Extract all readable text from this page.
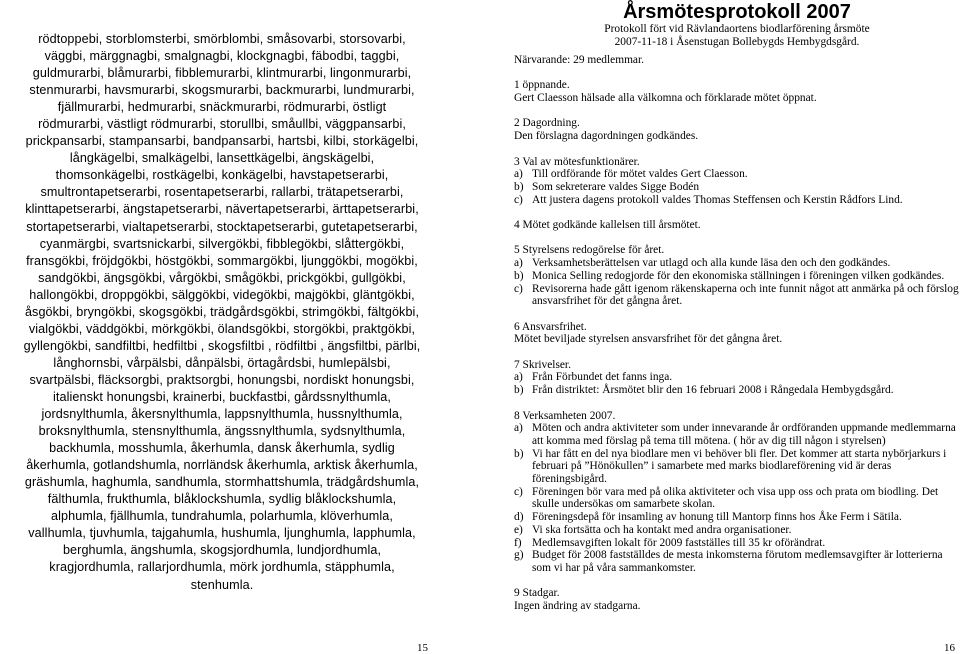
rödtoppebi, storblomsterbi, smörblombi, småsovarbi, storsovarbi,
väggbi, märggnagbi, smalgnagbi, klockgnagbi, fäbodbi, taggbi,
guldmurarbi, blåmurarbi, fibblemurarbi, klintmurarbi, lingonmurarbi,
stenmurarbi, havsmurarbi, skogsmurarbi, backmurarbi, lundmurarbi,
fjällmurarbi, hedmurarbi, snäckmurarbi, rödmurarbi, östligt
rödmurarbi, västligt rödmurarbi, storullbi, småullbi, väggpansarbi,
prickpansarbi, stampansarbi, bandpansarbi, hartsbi, kilbi, storkägelbi,
långkägelbi, smalkägelbi, lansettkägelbi, ängskägelbi,
thomsonkägelbi, rostkägelbi, konkägelbi, havstapetserarbi,
smultrontapetserarbi, rosentapetserarbi, rallarbi, trätapetserarbi,
klinttapetserarbi, ängstapetserarbi, nävertapetserarbi, ärttapetserarbi,
stortapetserarbi, vialtapetserarbi, stocktapetserarbi, gutetapetserarbi,
cyanmärgbi, svartsnickarbi, silvergökbi, fibblegökbi, slåttergökbi,
fransgökbi, fröjdgökbi, höstgökbi, sommargökbi, ljunggökbi, mogökbi,
sandgökbi, ängsgökbi, vårgökbi, smågökbi, prickgökbi, gullgökbi,
hallongökbi, droppgökbi, sälggökbi, videgökbi, majgökbi, gläntgökbi,
åsgökbi, bryngökbi, skogsgökbi, trädgårdsgökbi, strimgökbi, fältgökbi,
vialgökbi, väddgökbi, mörkgökbi, ölandsgökbi, storgökbi, praktgökbi,
gyllengökbi, sandfiltbi, hedfiltbi , skogsfiltbi , rödfiltbi , ängsfiltbi, pärlbi,
långhornsbi, vårpälsbi, dånpälsbi, örtagårdsbi, humlepälsbi,
svartpälsbi, fläcksorgbi, praktsorgbi, honungsbi, nordiskt honungsbi,
italienskt honungsbi, krainerbi, buckfastbi, gårdssnylthumla,
jordsnylthumla, åkersnylthumla, lappsnylthumla, hussnylthumla,
broksnylthumla, stensnylthumla, ängssnylthumla, sydsnylthumla,
backhumla, mosshumla, åkerhumla, dansk åkerhumla, sydlig
åkerhumla, gotlandshumla, norrländsk åkerhumla, arktisk åkerhumla,
gräshumla, haghumla, sandhumla, stormhattshumla, trädgårdshumla,
fälthumla, frukthumla, blåklockshumla, sydlig blåklockshumla,
alphumla, fjällhumla, tundrahumla, polarhumla, klöverhumla,
vallhumla, tjuvhumla, tajgahumla, hushumla, ljunghumla, lapphumla,
berghumla, ängshumla, skogsjordhumla, lundjordhumla,
kragjordhumla, rallarjordhumla, mörk jordhumla, stäpphumla,
stenhumla.
15
Årsmötesprotokoll 2007
Protokoll fört vid Rävlandaortens biodlarförening årsmöte
2007-11-18 i Åsenstugan Bollebygds Hembygdsgård.
Närvarande: 29 medlemmar.
1 öppnande.
Gert Claesson hälsade alla välkomna och förklarade mötet öppnat.
2 Dagordning.
Den förslagna dagordningen godkändes.
3 Val av mötesfunktionärer.
a) Till ordförande för mötet valdes Gert Claesson.
b) Som sekreterare valdes Sigge Bodén
c) Att justera dagens protokoll valdes Thomas Steffensen och Kerstin Rådfors Lind.
4 Mötet godkände kallelsen till årsmötet.
5 Styrelsens redogörelse för året.
a) Verksamhetsberättelsen var utlagd och alla kunde läsa den och den godkändes.
b) Monica Selling redogjorde för den ekonomiska ställningen i föreningen vilken godkändes.
c) Revisorerna hade gått igenom räkenskaperna och inte funnit något att anmärka på och förslog ansvarsfrihet för det gångna året.
6 Ansvarsfrihet.
Mötet beviljade styrelsen ansvarsfrihet för det gångna året.
7 Skrivelser.
a) Från Förbundet det fanns inga.
b) Från distriktet: Årsmötet blir den 16 februari 2008 i Rångedala Hembygdsgård.
8 Verksamheten 2007.
a) Möten och andra aktiviteter som under innevarande år ordföranden uppmande medlemmarna att komma med förslag på tema till mötena. ( hör av dig till någon i styrelsen)
b) Vi har fått en del nya biodlare men vi behöver bli fler. Det kommer att starta nybörjarkurs i februari på ”Hönökullen” i samarbete med marks biodlareförening vid är deras föreningsbigård.
c) Föreningen bör vara med på olika aktiviteter och visa upp oss och prata om biodling. Det skulle undersökas om samarbete skolan.
d) Föreningsdepå för insamling av honung till Mantorp finns hos Åke Ferm i Sätila.
e) Vi ska fortsätta och ha kontakt med andra organisationer.
f) Medlemsavgiften lokalt för 2009 fastställes till 35 kr oförändrat.
g) Budget för 2008 fastställdes de mesta inkomsterna förutom medlemsavgifter är lotterierna som vi har på våra sammankomster.
9 Stadgar.
Ingen ändring av stadgarna.
16
